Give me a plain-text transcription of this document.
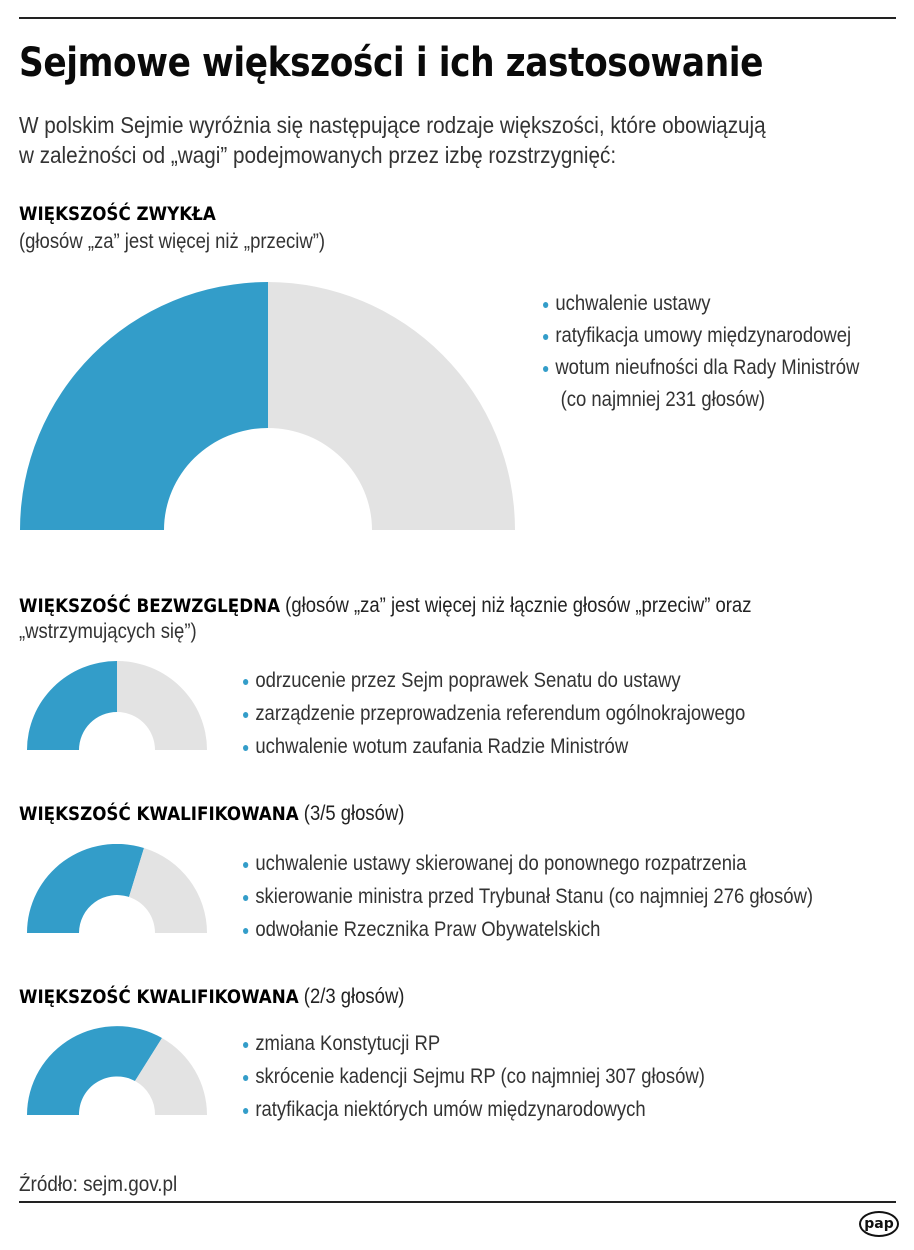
Sejmowe większości i ich zastosowanie
W polskim Sejmie wyróżnia się następujące rodzaje większości, które obowiązują
w zależności od „wagi” podejmowanych przez izbę rozstrzygnięć:
WIĘKSZOŚĆ ZWYKŁA
(głosów „za” jest więcej niż „przeciw”)
uchwalenie ustawy
ratyfikacja umowy międzynarodowej
wotum nieufności dla Rady Ministrów
(co najmniej 231 głosów)
WIĘKSZOŚĆ BEZWZGLĘDNA (głosów „za” jest więcej niż łącznie głosów „przeciw” oraz
„wstrzymujących się”)
odrzucenie przez Sejm poprawek Senatu do ustawy
zarządzenie przeprowadzenia referendum ogólnokrajowego
uchwalenie wotum zaufania Radzie Ministrów
WIĘKSZOŚĆ KWALIFIKOWANA (3/5 głosów)
uchwalenie ustawy skierowanej do ponownego rozpatrzenia
skierowanie ministra przed Trybunał Stanu (co najmniej 276 głosów)
odwołanie Rzecznika Praw Obywatelskich
WIĘKSZOŚĆ KWALIFIKOWANA (2/3 głosów)
zmiana Konstytucji RP
skrócenie kadencji Sejmu RP (co najmniej 307 głosów)
ratyfikacja niektórych umów międzynarodowych
Źródło: sejm.gov.pl
pap
